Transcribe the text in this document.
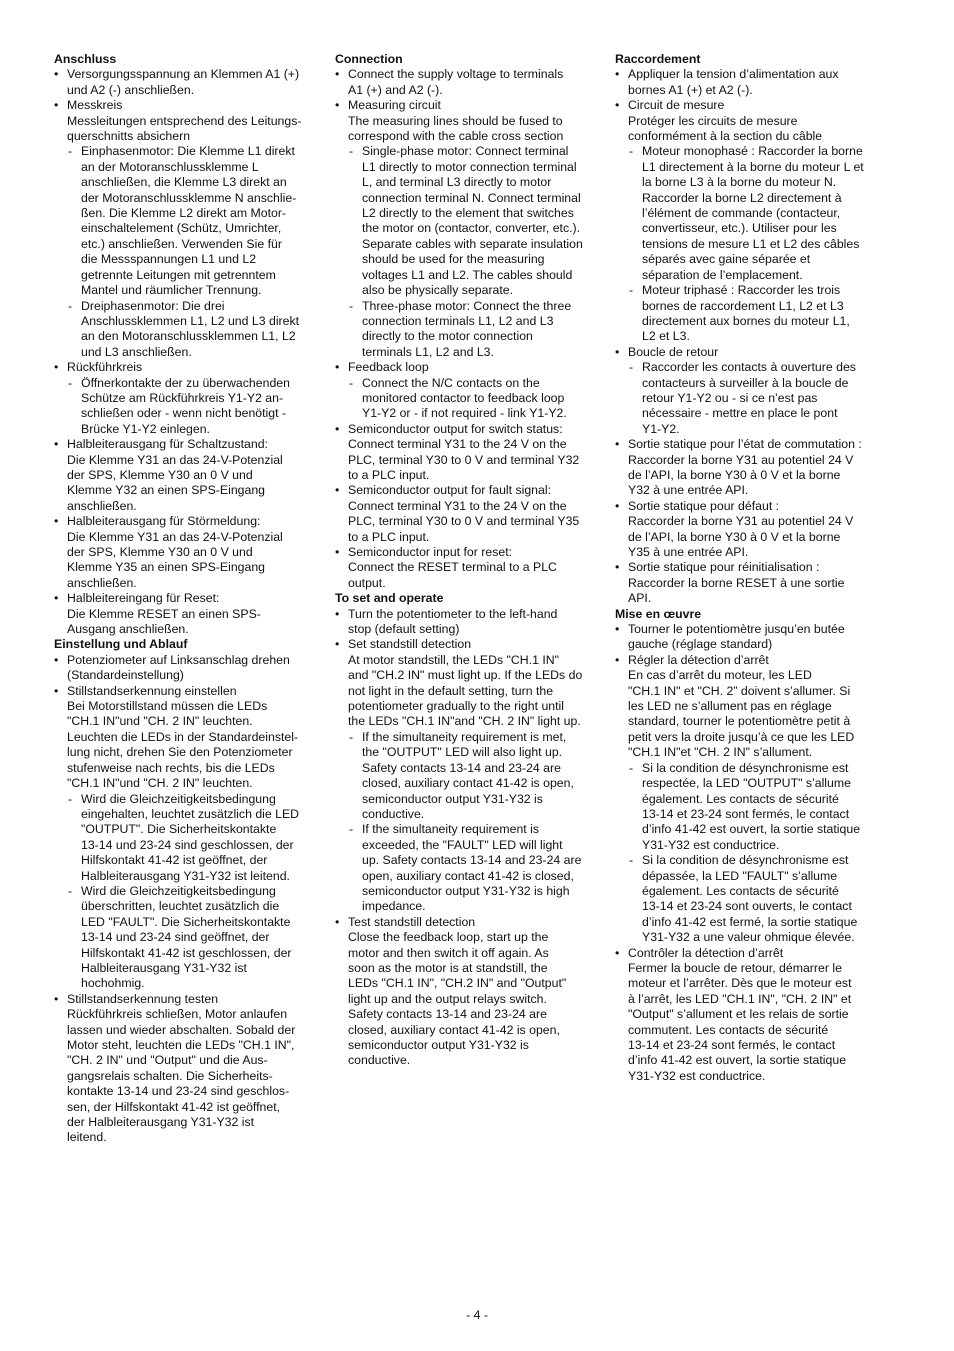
Anschluss
• Versorgungsspannung an Klemmen A1 (+)
und A2 (-) anschließen.
• Messkreis
Messleitungen entsprechend des Leitungs-
querschnitts absichern
- Einphasenmotor: Die Klemme L1 direkt
an der Motoranschlussklemme L
anschließen, die Klemme L3 direkt an
der Motoranschlussklemme N anschlie-
ßen. Die Klemme L2 direkt am Motor-
einschaltelement (Schütz, Umrichter,
etc.) anschließen. Verwenden Sie für
die Messspannungen L1 und L2
getrennte Leitungen mit getrenntem
Mantel und räumlicher Trennung.
- Dreiphasenmotor: Die drei
Anschlussklemmen L1, L2 und L3 direkt
an den Motoranschlussklemmen L1, L2
und L3 anschließen.
• Rückführkreis
- Öffnerkontakte der zu überwachenden
Schütze am Rückführkreis Y1-Y2 an-
schließen oder - wenn nicht benötigt -
Brücke Y1-Y2 einlegen.
• Halbleiterausgang für Schaltzustand:
Die Klemme Y31 an das 24-V-Potenzial
der SPS, Klemme Y30 an 0 V und
Klemme Y32 an einen SPS-Eingang
anschließen.
• Halbleiterausgang für Störmeldung:
Die Klemme Y31 an das 24-V-Potenzial
der SPS, Klemme Y30 an 0 V und
Klemme Y35 an einen SPS-Eingang
anschließen.
• Halbleitereingang für Reset:
Die Klemme RESET an einen SPS-
Ausgang anschließen.
Einstellung und Ablauf
• Potenziometer auf Linksanschlag drehen
(Standardeinstellung)
• Stillstandserkennung einstellen
Bei Motorstillstand müssen die LEDs
"CH.1 IN"und "CH. 2 IN" leuchten.
Leuchten die LEDs in der Standardeinstel-
lung nicht, drehen Sie den Potenziometer
stufenweise nach rechts, bis die LEDs
"CH.1 IN"und "CH. 2 IN" leuchten.
- Wird die Gleichzeitigkeitsbedingung
eingehalten, leuchtet zusätzlich die LED
"OUTPUT". Die Sicherheitskontakte
13-14 und 23-24 sind geschlossen, der
Hilfskontakt 41-42 ist geöffnet, der
Halbleiterausgang Y31-Y32 ist leitend.
- Wird die Gleichzeitigkeitsbedingung
überschritten, leuchtet zusätzlich die
LED "FAULT". Die Sicherheitskontakte
13-14 und 23-24 sind geöffnet, der
Hilfskontakt 41-42 ist geschlossen, der
Halbleiterausgang Y31-Y32 ist
hochohmig.
• Stillstandserkennung testen
Rückführkreis schließen, Motor anlaufen
lassen und wieder abschalten. Sobald der
Motor steht, leuchten die LEDs "CH.1 IN",
"CH. 2 IN" und "Output" und die Aus-
gangsrelais schalten. Die Sicherheits-
kontakte 13-14 und 23-24 sind geschlos-
sen, der Hilfskontakt 41-42 ist geöffnet,
der Halbleiterausgang Y31-Y32 ist
leitend.
Connection
• Connect the supply voltage to terminals
A1 (+) and A2 (-).
• Measuring circuit
The measuring lines should be fused to
correspond with the cable cross section
- Single-phase motor: Connect terminal
L1 directly to motor connection terminal
L, and terminal L3 directly to motor
connection terminal N. Connect terminal
L2 directly to the element that switches
the motor on (contactor, converter, etc.).
Separate cables with separate insulation
should be used for the measuring
voltages L1 and L2. The cables should
also be physically separate.
- Three-phase motor: Connect the three
connection terminals L1, L2 and L3
directly to the motor connection
terminals L1, L2 and L3.
• Feedback loop
- Connect the N/C contacts on the
monitored contactor to feedback loop
Y1-Y2 or - if not required - link Y1-Y2.
• Semiconductor output for switch status:
Connect terminal Y31 to the 24 V on the
PLC, terminal Y30 to 0 V and terminal Y32
to a PLC input.
• Semiconductor output for fault signal:
Connect terminal Y31 to the 24 V on the
PLC, terminal Y30 to 0 V and terminal Y35
to a PLC input.
• Semiconductor input for reset:
Connect the RESET terminal to a PLC
output.
To set and operate
• Turn the potentiometer to the left-hand
stop (default setting)
• Set standstill detection
At motor standstill, the LEDs "CH.1 IN"
and "CH.2 IN" must light up. If the LEDs do
not light in the default setting, turn the
potentiometer gradually to the right until
the LEDs "CH.1 IN"and "CH. 2 IN" light up.
- If the simultaneity requirement is met,
the "OUTPUT" LED will also light up.
Safety contacts 13-14 and 23-24 are
closed, auxiliary contact 41-42 is open,
semiconductor output Y31-Y32 is
conductive.
- If the simultaneity requirement is
exceeded, the "FAULT" LED will light
up. Safety contacts 13-14 and 23-24 are
open, auxiliary contact 41-42 is closed,
semiconductor output Y31-Y32 is high
impedance.
• Test standstill detection
Close the feedback loop, start up the
motor and then switch it off again. As
soon as the motor is at standstill, the
LEDs "CH.1 IN", "CH.2 IN" and "Output"
light up and the output relays switch.
Safety contacts 13-14 and 23-24 are
closed, auxiliary contact 41-42 is open,
semiconductor output Y31-Y32 is
conductive.
Raccordement
• Appliquer la tension d’alimentation aux
bornes A1 (+) et A2 (-).
• Circuit de mesure
Protéger les circuits de mesure
conformément à la section du câble
- Moteur monophasé : Raccorder la borne
L1 directement à la borne du moteur L et
la borne L3 à la borne du moteur N.
Raccorder la borne L2 directement à
l’élément de commande (contacteur,
convertisseur, etc.). Utiliser pour les
tensions de mesure L1 et L2 des câbles
séparés avec gaine séparée et
séparation de l’emplacement.
- Moteur triphasé : Raccorder les trois
bornes de raccordement L1, L2 et L3
directement aux bornes du moteur L1,
L2 et L3.
• Boucle de retour
- Raccorder les contacts à ouverture des
contacteurs à surveiller à la boucle de
retour Y1-Y2 ou - si ce n’est pas
nécessaire - mettre en place le pont
Y1-Y2.
• Sortie statique pour l’état de commutation :
Raccorder la borne Y31 au potentiel 24 V
de l’API, la borne Y30 à 0 V et la borne
Y32 à une entrée API.
• Sortie statique pour défaut :
Raccorder la borne Y31 au potentiel 24 V
de l’API, la borne Y30 à 0 V et la borne
Y35 à une entrée API.
• Sortie statique pour réinitialisation :
Raccorder la borne RESET à une sortie
API.
Mise en œuvre
• Tourner le potentiomètre jusqu’en butée
gauche (réglage standard)
• Régler la détection d’arrêt
En cas d’arrêt du moteur, les LED
"CH.1 IN" et "CH. 2” doivent s’allumer. Si
les LED ne s’allument pas en réglage
standard, tourner le potentiomètre petit à
petit vers la droite jusqu’à ce que les LED
"CH.1 IN"et "CH. 2 IN" s’allument.
- Si la condition de désynchronisme est
respectée, la LED "OUTPUT" s’allume
également. Les contacts de sécurité
13-14 et 23-24 sont fermés, le contact
d’info 41-42 est ouvert, la sortie statique
Y31-Y32 est conductrice.
- Si la condition de désynchronisme est
dépassée, la LED "FAULT" s’allume
également. Les contacts de sécurité
13-14 et 23-24 sont ouverts, le contact
d’info 41-42 est fermé, la sortie statique
Y31-Y32 a une valeur ohmique élevée.
• Contrôler la détection d’arrêt
Fermer la boucle de retour, démarrer le
moteur et l’arrêter. Dès que le moteur est
à l’arrêt, les LED "CH.1 IN", "CH. 2 IN" et
"Output" s’allument et les relais de sortie
commutent. Les contacts de sécurité
13-14 et 23-24 sont fermés, le contact
d’info 41-42 est ouvert, la sortie statique
Y31-Y32 est conductrice.
- 4 -
